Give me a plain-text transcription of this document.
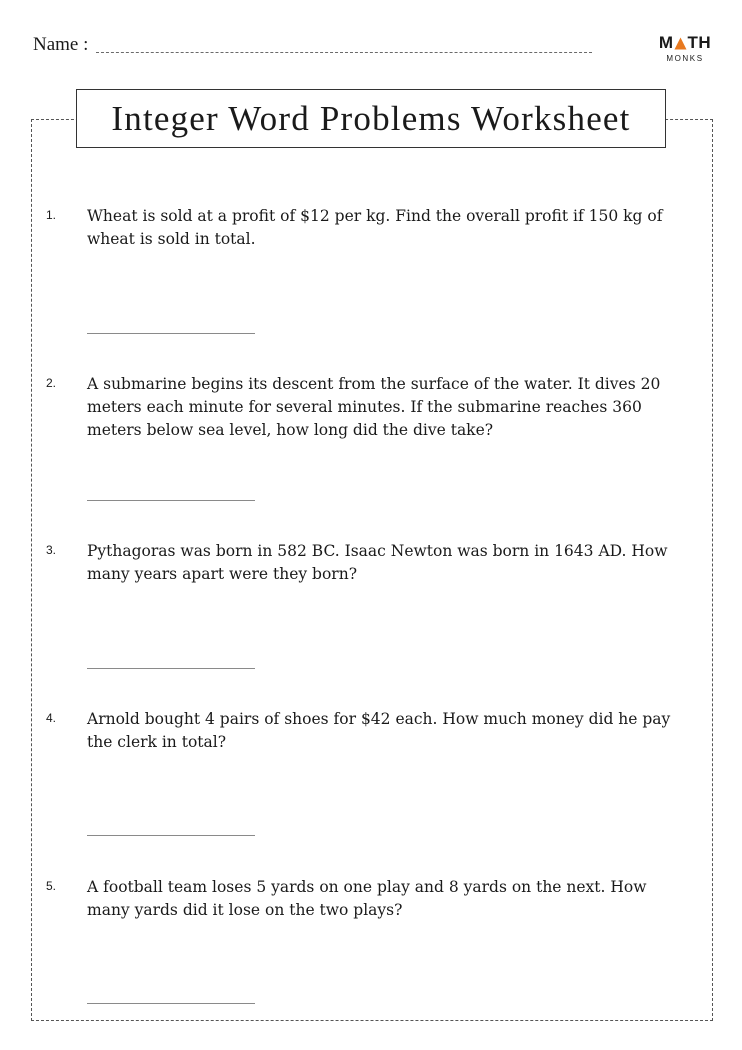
Name :	M TH
MONKS
Integer Word Problems Worksheet
1. Wheat is sold at a profit of $12 per kg. Find the overall profit if 150 kg of wheat is sold in total.
2. A submarine begins its descent from the surface of the water. It dives 20 meters each minute for several minutes. If the submarine reaches 360 meters below sea level, how long did the dive take?
3. Pythagoras was born in 582 BC. Isaac Newton was born in 1643 AD. How many years apart were they born?
4. Arnold bought 4 pairs of shoes for $42 each. How much money did he pay the clerk in total?
5. A football team loses 5 yards on one play and 8 yards on the next. How many yards did it lose on the two plays?
